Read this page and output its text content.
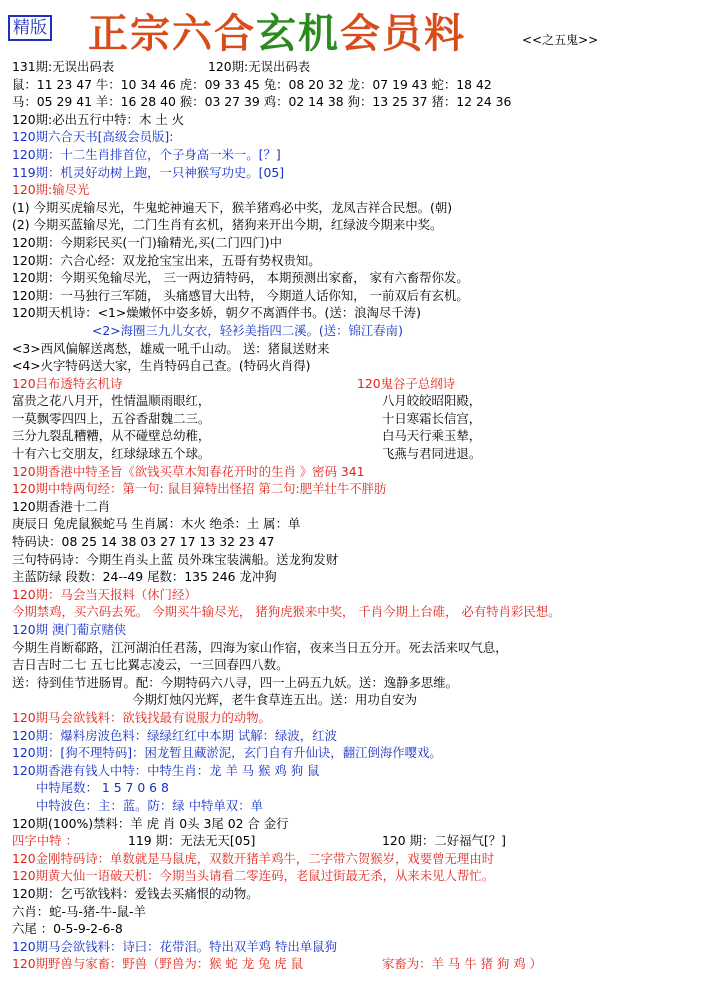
精版 正宗六合玄机会员料	<<之五鬼>>
131期:无误出码表	120期:无误出码表
鼠：11 23 47 牛：10 34 46 虎：09 33 45 兔：08 20 32 龙：07 19 43 蛇：18 42
马：05 29 41 羊：16 28 40 猴：03 27 39 鸡：02 14 38 狗：13 25 37 猪：12 24 36
120期:必出五行中特：木 土 火
120期六合天书[高级会员版]:
120期：十二生肖排首位，个子身高一米一。[？]
119期：机灵好动树上跑，一只神猴写功史。[05]
120期:输尽光
(1) 今期买虎输尽光，牛鬼蛇神遍天下，猴羊猪鸡必中奖，龙凤吉祥合民想。(朝)
(2) 今期买蓝输尽光，二门生肖有玄机，猪狗来开出今期，红绿波今期来中奖。
120期：今期彩民买(一门)输精光,买(二门四门)中
120期：六合心经：双龙抢宝宝出来，五哥有势权贵知。
120期：今期买兔输尽光， 三一两边猜特码， 本期预测出家畜， 家有六畜帮你发。
120期：一马独行三军随， 头痛感冒大出特， 今期道人话你知， 一前双后有玄机。
120期天机诗：<1>燥嫩怀中姿多娇，朝夕不离酒伴书。(送：浪淘尽千涛)
<2>海圈三九儿女衣，轻衫美指四二溪。(送：锦江春南)
<3>西风偏解送离愁，雄威一吼千山动。 送：猪鼠送财来
<4>火字特码送大家，生肖特码自己查。(特码火肖得)
120吕布透特玄机诗	120鬼谷子总纲诗
富贵之花八月开，性情温顺雨眼红，	八月皎皎昭阳殿，
一莫飘零四四上，五谷香甜魏二三。	十日寒霜长信宫，
三分九裂乱糟糟，从不碰壁总幼稚，	白马天行乘玉辇，
十有六七交朋友，红球绿球五个球。	飞燕与君同进退。
120期香港中特圣旨《欲钱买草木知春花开时的生肖 》密码 341
120期中特两句经：第一句: 鼠目獐特出怪招 第二句:肥羊壮牛不胖肪
120期香港十二肖
庚辰日 兔虎鼠猴蛇马 生肖属：木火 绝杀：土 属：单
特码诀：08 25 14 38 03 27 17 13 32 23 47
三句特码诗：今期生肖头上蓝 员外珠宝装满船。送龙狗发财
主蓝防绿 段数：24--49 尾数：135 246 龙冲狗
120期：马会当天报料（休门经）
今期禁鸡，买六码去死。 今期买牛输尽光， 猪狗虎猴来中奖， 千肖今期上台碓， 必有特肖彩民想。
120期 澳门葡京赌侠
今期生肖断郗路，江河湖泊任君荡，四海为家山作宿，夜来当日五分开。死去活来叹气息，
吉日吉时二七 五七比翼志凌云，一三回春四八数。
送：待到佳节进肠胃。配：今期特码六八寻，四一上码五九妖。送：逸静多思维。
今期灯烛闪光辉，老牛食草连五出。送：用功自安为
120期马会欲钱料：欲钱找最有说服力的动物。
120期：爆料房波色料：绿绿红红中本期 试解：绿波，红波
120期：[狗不理特码]：困龙暂且藏淤泥，玄门自有升仙诀，翻江倒海作嘤戏。
120期香港有钱人中特：中特生肖：龙 羊 马 猴 鸡 狗 鼠
中特尾数： 1 5 7 0 6 8
中特波色：主：蓝。防：绿 中特单双：单
120期(100%)禁料：羊 虎 肖 0头 3尾 02 合 金行
四字中特 ：	119 期：无法无天[05]	120 期：二好福气[？]
120金刚特码诗：单数就是马鼠虎，双数开猪羊鸡牛，二字带六贺猴岁，戏要曾无理由时
120期黄大仙一语破天机：今期当头请看二零连码，老鼠过街最无杀，从来未见人帮忙。
120期：乞丐欲钱料：爱钱去买痛恨的动物。
六肖：蛇-马-猪-牛-鼠-羊
六尾 ：0-5-9-2-6-8
120期马会欲钱料：诗曰：花带泪。特出双羊鸡 特出单鼠狗
120期野兽与家畜：野兽（野兽为：猴 蛇 龙 兔 虎 鼠	家畜为：羊 马 牛 猪 狗 鸡 ）
